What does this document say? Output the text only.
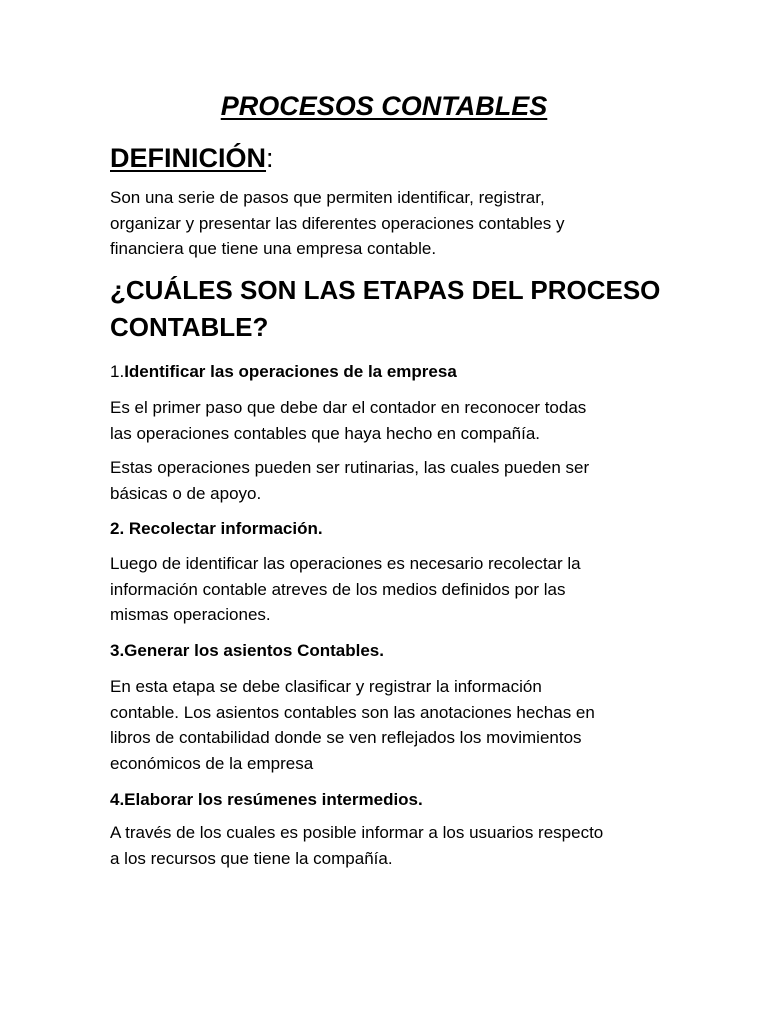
PROCESOS CONTABLES
DEFINICIÓN:
Son una serie de pasos que permiten identificar, registrar,
organizar y presentar las diferentes operaciones contables y
financiera que tiene una empresa contable.
¿CUÁLES SON LAS ETAPAS DEL PROCESO
CONTABLE?
1.Identificar las operaciones de la empresa
Es el primer paso que debe dar el contador en reconocer todas
las operaciones contables que haya hecho en compañía.
Estas operaciones pueden ser rutinarias, las cuales pueden ser
básicas o de apoyo.
2. Recolectar información.
Luego de identificar las operaciones es necesario recolectar la
información contable atreves de los medios definidos por las
mismas operaciones.
3.Generar los asientos Contables.
En esta etapa se debe clasificar y registrar la información
contable. Los asientos contables son las anotaciones hechas en
libros de contabilidad donde se ven reflejados los movimientos
económicos de la empresa
4.Elaborar los resúmenes intermedios.
A través de los cuales es posible informar a los usuarios respecto
a los recursos que tiene la compañía.
